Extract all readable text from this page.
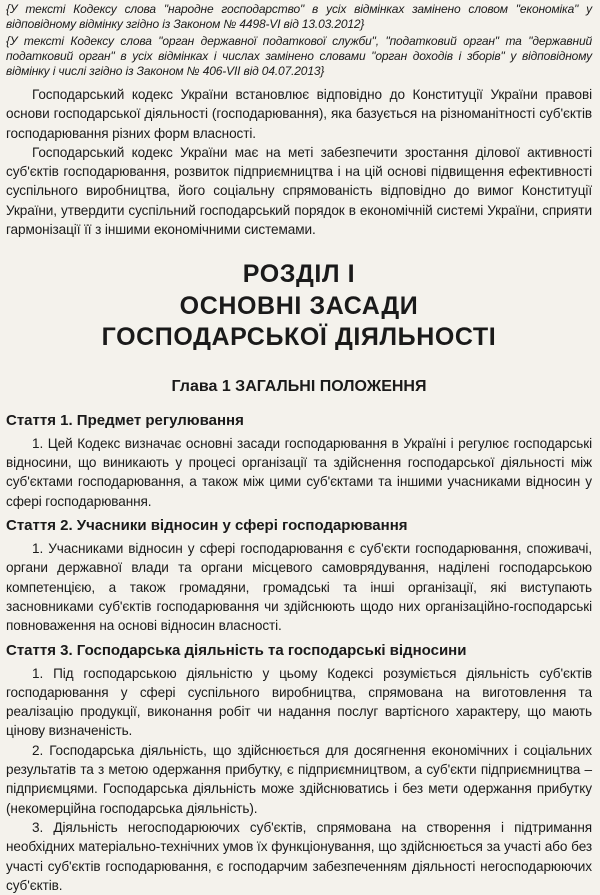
{У тексті Кодексу слова "народне господарство" в усіх відмінках замінено словом "економіка" у відповідному відмінку згідно із Законом № 4498-VI від 13.03.2012}

{У тексті Кодексу слова "орган державної податкової служби", "податковий орган" та "державний податковий орган" в усіх відмінках і числах замінено словами "орган доходів і зборів" у відповідному відмінку і числі згідно із Законом № 406-VII від 04.07.2013}

Господарський кодекс України встановлює відповідно до Конституції України правові основи господарської діяльності (господарювання), яка базується на різноманітності суб'єктів господарювання різних форм власності.

Господарський кодекс України має на меті забезпечити зростання ділової активності суб'єктів господарювання, розвиток підприємництва і на цій основі підвищення ефективності суспільного виробництва, його соціальну спрямованість відповідно до вимог Конституції України, утвердити суспільний господарський порядок в економічній системі України, сприяти гармонізації її з іншими економічними системами.

РОЗДІЛ І
ОСНОВНІ ЗАСАДИ
ГОСПОДАРСЬКОЇ ДІЯЛЬНОСТІ
Глава 1 ЗАГАЛЬНІ ПОЛОЖЕННЯ
Стаття 1. Предмет регулювання

1. Цей Кодекс визначає основні засади господарювання в Україні і регулює господарські відносини, що виникають у процесі організації та здійснення господарської діяльності між суб'єктами господарювання, а також між цими суб'єктами та іншими учасниками відносин у сфері господарювання.

Стаття 2. Учасники відносин у сфері господарювання

1. Учасниками відносин у сфері господарювання є суб'єкти господарювання, споживачі, органи державної влади та органи місцевого самоврядування, наділені господарською компетенцією, а також громадяни, громадські та інші організації, які виступають засновниками суб'єктів господарювання чи здійснюють щодо них організаційно-господарські повноваження на основі відносин власності.

Стаття 3. Господарська діяльність та господарські відносини

1. Під господарською діяльністю у цьому Кодексі розуміється діяльність суб'єктів господарювання у сфері суспільного виробництва, спрямована на виготовлення та реалізацію продукції, виконання робіт чи надання послуг вартісного характеру, що мають цінову визначеність.

2. Господарська діяльність, що здійснюється для досягнення економічних і соціальних результатів та з метою одержання прибутку, є підприємництвом, а суб'єкти підприємництва – підприємцями. Господарська діяльність може здійснюватись і без мети одержання прибутку (некомерційна господарська діяльність).

3. Діяльність негосподарюючих суб'єктів, спрямована на створення і підтримання необхідних матеріально-технічних умов їх функціонування, що здійснюється за участі або без участі суб'єктів господарювання, є господарчим забезпеченням діяльності негосподарюючих суб'єктів.
